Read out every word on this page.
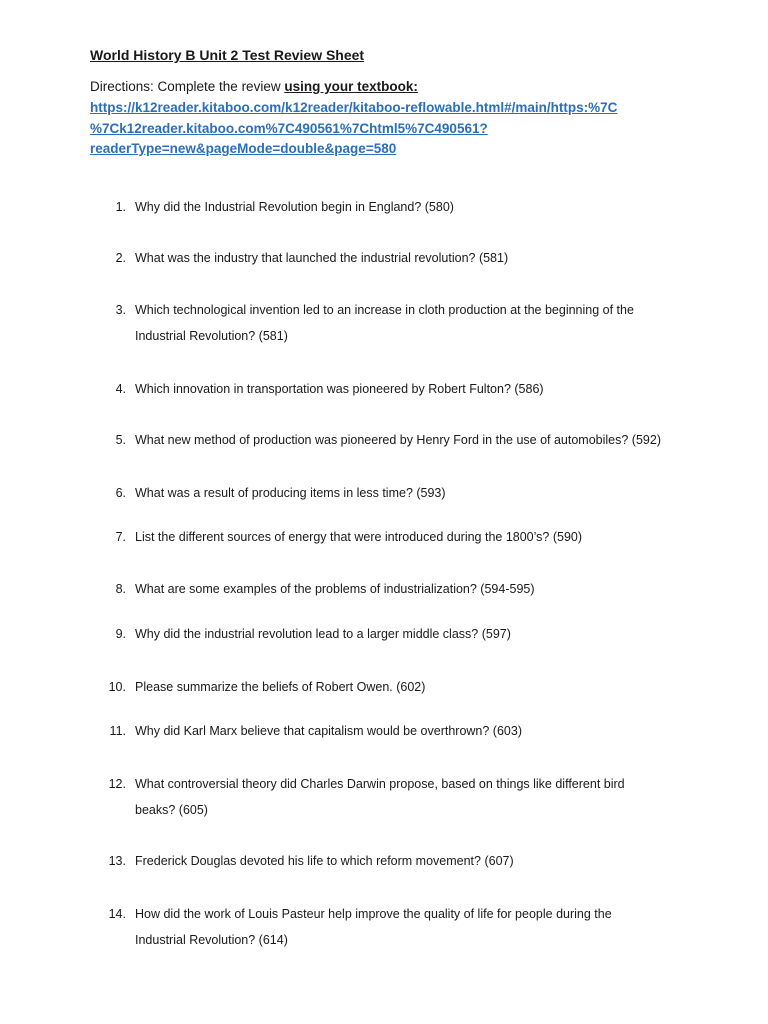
World History B Unit 2 Test Review Sheet
Directions: Complete the review using your textbook:
https://k12reader.kitaboo.com/k12reader/kitaboo-reflowable.html#/main/https:%7C
%7Ck12reader.kitaboo.com%7C490561%7Chtml5%7C490561?
readerType=new&pageMode=double&page=580
1. Why did the Industrial Revolution begin in England? (580)
2. What was the industry that launched the industrial revolution? (581)
3. Which technological invention led to an increase in cloth production at the beginning of the
Industrial Revolution? (581)
4. Which innovation in transportation was pioneered by Robert Fulton? (586)
5. What new method of production was pioneered by Henry Ford in the use of automobiles? (592)
6. What was a result of producing items in less time? (593)
7. List the different sources of energy that were introduced during the 1800’s? (590)
8. What are some examples of the problems of industrialization? (594-595)
9. Why did the industrial revolution lead to a larger middle class? (597)
10. Please summarize the beliefs of Robert Owen. (602)
11. Why did Karl Marx believe that capitalism would be overthrown? (603)
12. What controversial theory did Charles Darwin propose, based on things like different bird
beaks? (605)
13. Frederick Douglas devoted his life to which reform movement? (607)
14. How did the work of Louis Pasteur help improve the quality of life for people during the
Industrial Revolution? (614)
